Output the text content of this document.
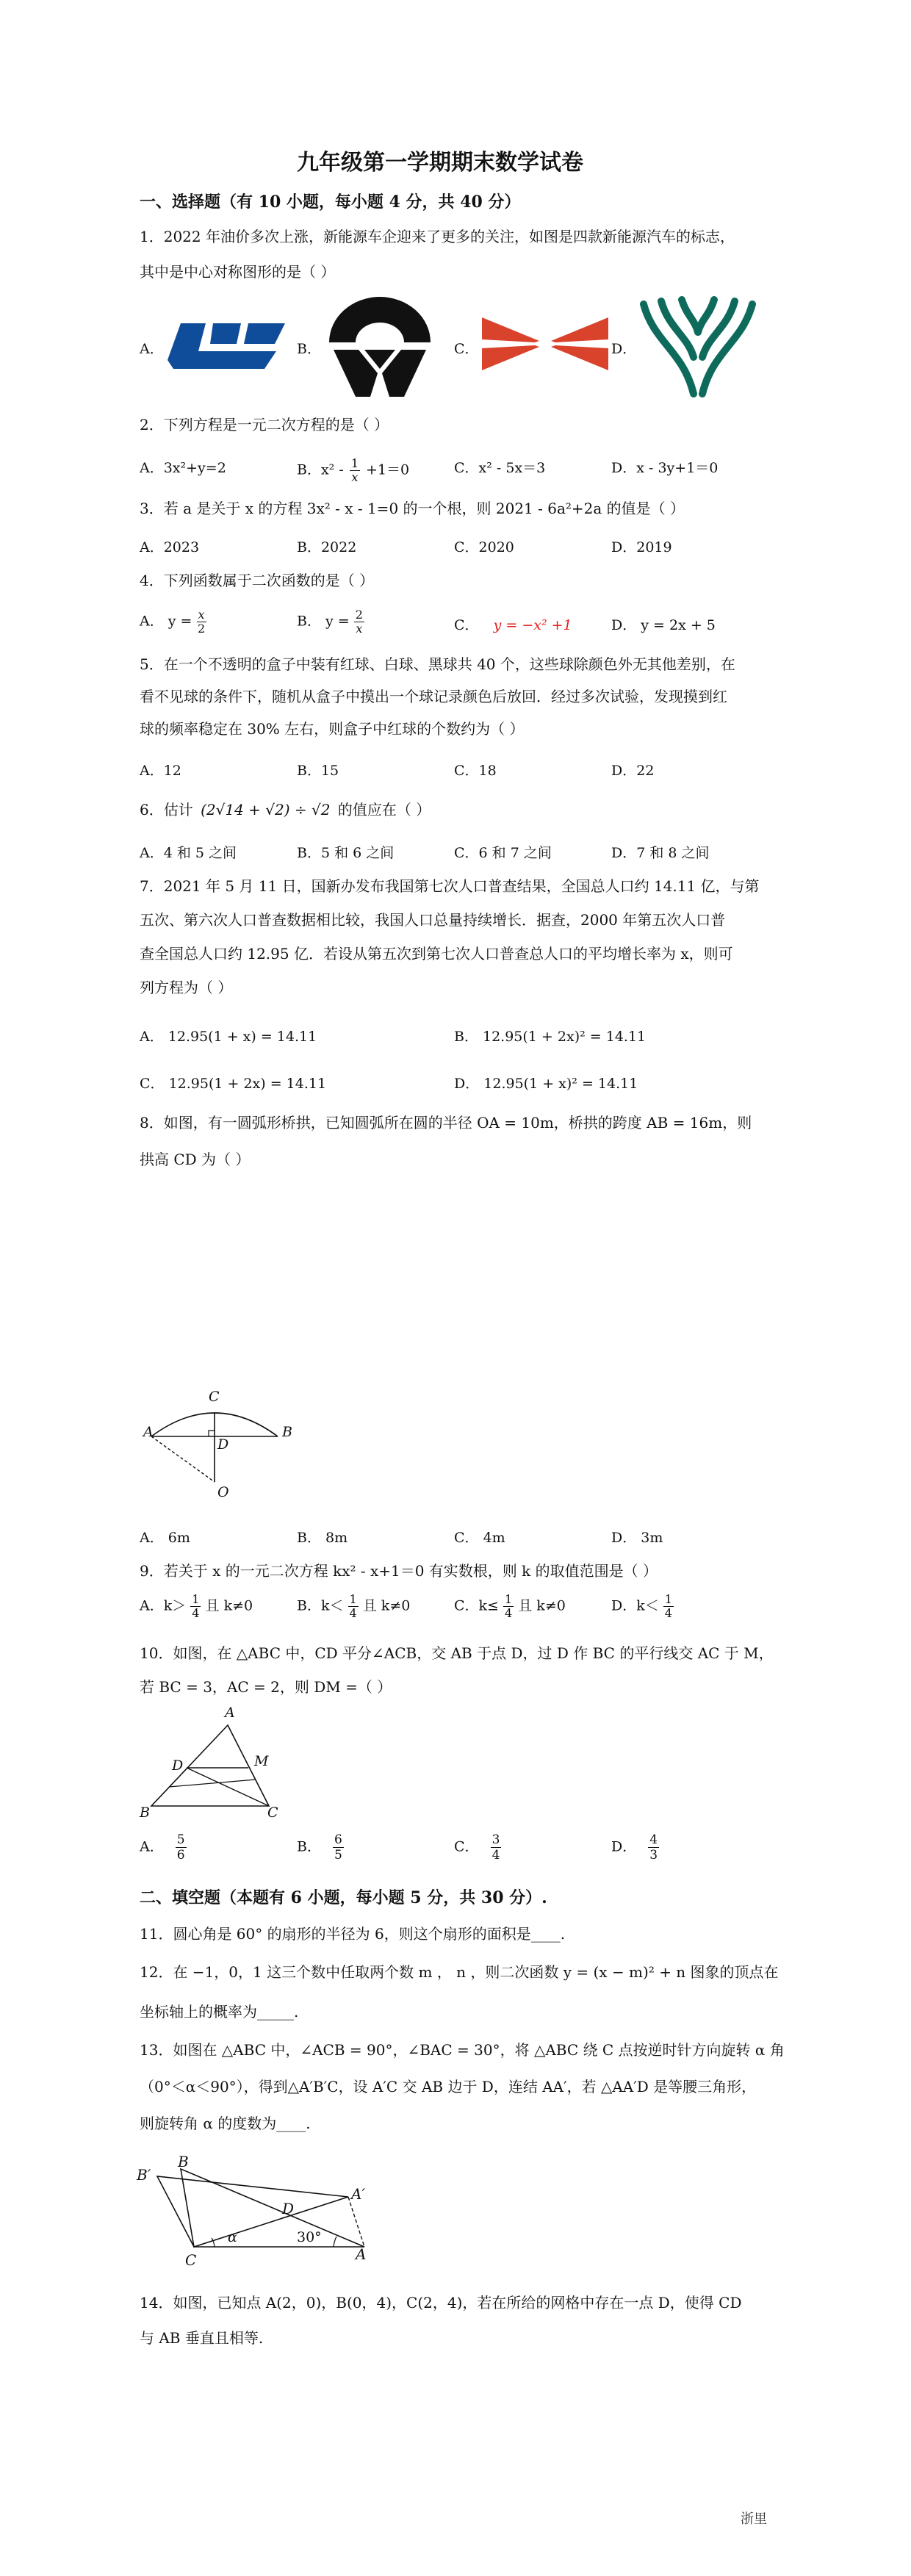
九年级第一学期期末数学试卷
一、选择题（有 10 小题，每小题 4 分，共 40 分）
1．2022 年油价多次上涨，新能源车企迎来了更多的关注，如图是四款新能源汽车的标志，
其中是中心对称图形的是（ ）
A．	B．	C．	D．
2．下列方程是一元二次方程的是（ ）
A．3x²+y=2	B．$x^2 - \frac{1}{x} +1=0$	C．x² - 5x＝3	D．x - 3y+1＝0
3．若 a 是关于 x 的方程 3x² - x - 1=0 的一个根，则 2021 - 6a²+2a 的值是（ ）
A．2023	B．2022	C．2020	D．2019
4．下列函数属于二次函数的是（ ）
A． $y = \frac{x}{2}$	B． $y = \frac{2}{x}$	C． y = −x² +1	D． y = 2x + 5
5．在一个不透明的盒子中装有红球、白球、黑球共 40 个，这些球除颜色外无其他差别，在
看不见球的条件下，随机从盒子中摸出一个球记录颜色后放回．经过多次试验，发现摸到红
球的频率稳定在 30% 左右，则盒子中红球的个数约为（ ）
A．12	B．15	C．18	D．22
6．估计 (2√14 + √2) ÷ √2 的值应在（ ）
A．4 和 5 之间	B．5 和 6 之间	C．6 和 7 之间	D．7 和 8 之间
7．2021 年 5 月 11 日，国新办发布我国第七次人口普查结果，全国总人口约 14.11 亿，与第
五次、第六次人口普查数据相比较，我国人口总量持续增长．据查，2000 年第五次人口普
查全国总人口约 12.95 亿．若设从第五次到第七次人口普查总人口的平均增长率为 x，则可
列方程为（ ）
A． 12.95(1 + x) = 14.11	B． 12.95(1 + 2x)² = 14.11
C． 12.95(1 + 2x) = 14.11	D． 12.95(1 + x)² = 14.11
8．如图，有一圆弧形桥拱，已知圆弧所在圆的半径 OA = 10m，桥拱的跨度 AB = 16m，则
拱高 CD 为（ ）
A	B
C
D
O
A． 6m	B． 8m	C． 4m	D． 3m
9．若关于 x 的一元二次方程 kx² - x+1＝0 有实数根，则 k 的取值范围是（ ）
A．$k> \frac{1}{4}$ 且 k≠0	B．$k< \frac{1}{4}$ 且 k≠0	C．$k\le \frac{1}{4}$ 且 k≠0	D．$k< \frac{1}{4}$
10．如图，在 △ABC 中，CD 平分∠ACB，交 AB 于点 D，过 D 作 BC 的平行线交 AC 于 M，
若 BC = 3，AC = 2，则 DM =（ ）
A
B	C
D	M
A． $\frac{5}{6}$	B． $\frac{6}{5}$	C． $\frac{3}{4}$	D． $\frac{4}{3}$
二、填空题（本题有 6 小题，每小题 5 分，共 30 分）.
11．圆心角是 60° 的扇形的半径为 6，则这个扇形的面积是____.
12．在 −1，0，1 这三个数中任取两个数 m ， n ，则二次函数 y = (x − m)² + n 图象的顶点在
坐标轴上的概率为_____.
13．如图在 △ABC 中，∠ACB = 90°，∠BAC = 30°，将 △ABC 绕 C 点按逆时针方向旋转 α 角
（0°＜α＜90°），得到△A′B′C，设 A′C 交 AB 边于 D，连结 AA′，若 △AA′D 是等腰三角形，
则旋转角 α 的度数为____.
B′
B
A′
D
α	30°
C	A
14．如图，已知点 A(2，0)，B(0，4)，C(2，4)，若在所给的网格中存在一点 D，使得 CD
与 AB 垂直且相等.
浙里
